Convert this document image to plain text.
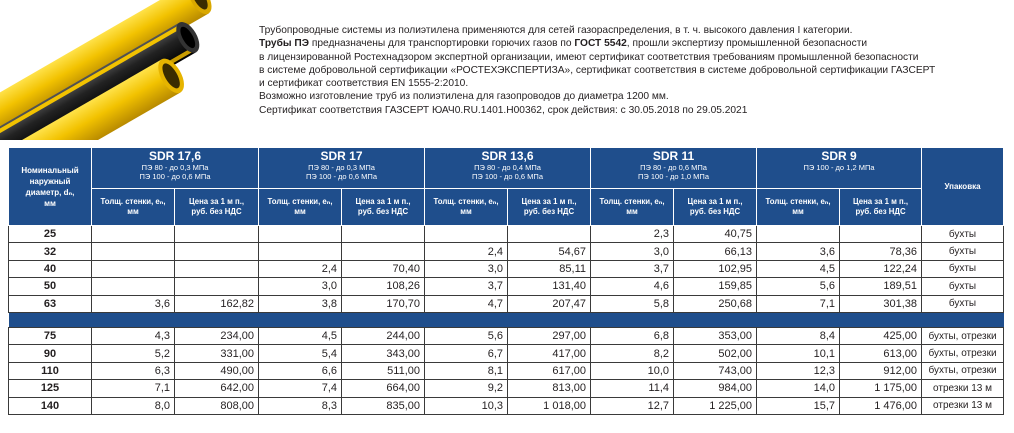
Трубопроводные системы из полиэтилена применяются для сетей газораспределения, в т. ч. высокого давления I категории.

Трубы ПЭ предназначены для транспортировки горючих газов по ГОСТ 5542, прошли экспертизу промышленной безопасности

в лицензированной Ростехнадзором экспертной организации, имеют сертификат соответствия требованиям промышленной безопасности

в системе добровольной сертификации «РОСТЕХЭКСПЕРТИЗА», сертификат соответствия в системе добровольной сертификации ГАЗСЕРТ

и сертификат соответствия EN 1555-2:2010.

Возможно изготовление труб из полиэтилена для газопроводов до диаметра 1200 мм.

Сертификат соответствия ГАЗСЕРТ ЮАЧ0.RU.1401.H00362, срок действия: с 30.05.2018 по 29.05.2021

Номинальный
наружный
диаметр, dₙ,
мм	SDR 17,6		SDR 17		SDR 13,6		SDR 11		SDR 9		Упаковка
	ПЭ 80 - до 0,3 МПа
ПЭ 100 - до 0,6 МПа		ПЭ 80 - до 0,3 МПа
ПЭ 100 - до 0,6 МПа		ПЭ 80 - до 0,4 МПа
ПЭ 100 - до 0,6 МПа		ПЭ 80 - до 0,6 МПа
ПЭ 100 - до 1,0 МПа		ПЭ 100 - до 1,2 МПа		
	Толщ. стенки, eₙ,
мм	Цена за 1 м п.,
руб. без НДС	Толщ. стенки, eₙ,
мм	Цена за 1 м п.,
руб. без НДС	Толщ. стенки, eₙ,
мм	Цена за 1 м п.,
руб. без НДС	Толщ. стенки, eₙ,
мм	Цена за 1 м п.,
руб. без НДС	Толщ. стенки, eₙ,
мм	Цена за 1 м п.,
руб. без НДС	
25							2,3	40,75			бухты
32					2,4	54,67	3,0	66,13	3,6	78,36	бухты
40			2,4	70,40	3,0	85,11	3,7	102,95	4,5	122,24	бухты
50			3,0	108,26	3,7	131,40	4,6	159,85	5,6	189,51	бухты
63	3,6	162,82	3,8	170,70	4,7	207,47	5,8	250,68	7,1	301,38	бухты

75	4,3	234,00	4,5	244,00	5,6	297,00	6,8	353,00	8,4	425,00	бухты, отрезки
90	5,2	331,00	5,4	343,00	6,7	417,00	8,2	502,00	10,1	613,00	бухты, отрезки
110	6,3	490,00	6,6	511,00	8,1	617,00	10,0	743,00	12,3	912,00	бухты, отрезки
125	7,1	642,00	7,4	664,00	9,2	813,00	11,4	984,00	14,0	1 175,00	отрезки 13 м
140	8,0	808,00	8,3	835,00	10,3	1 018,00	12,7	1 225,00	15,7	1 476,00	отрезки 13 м
